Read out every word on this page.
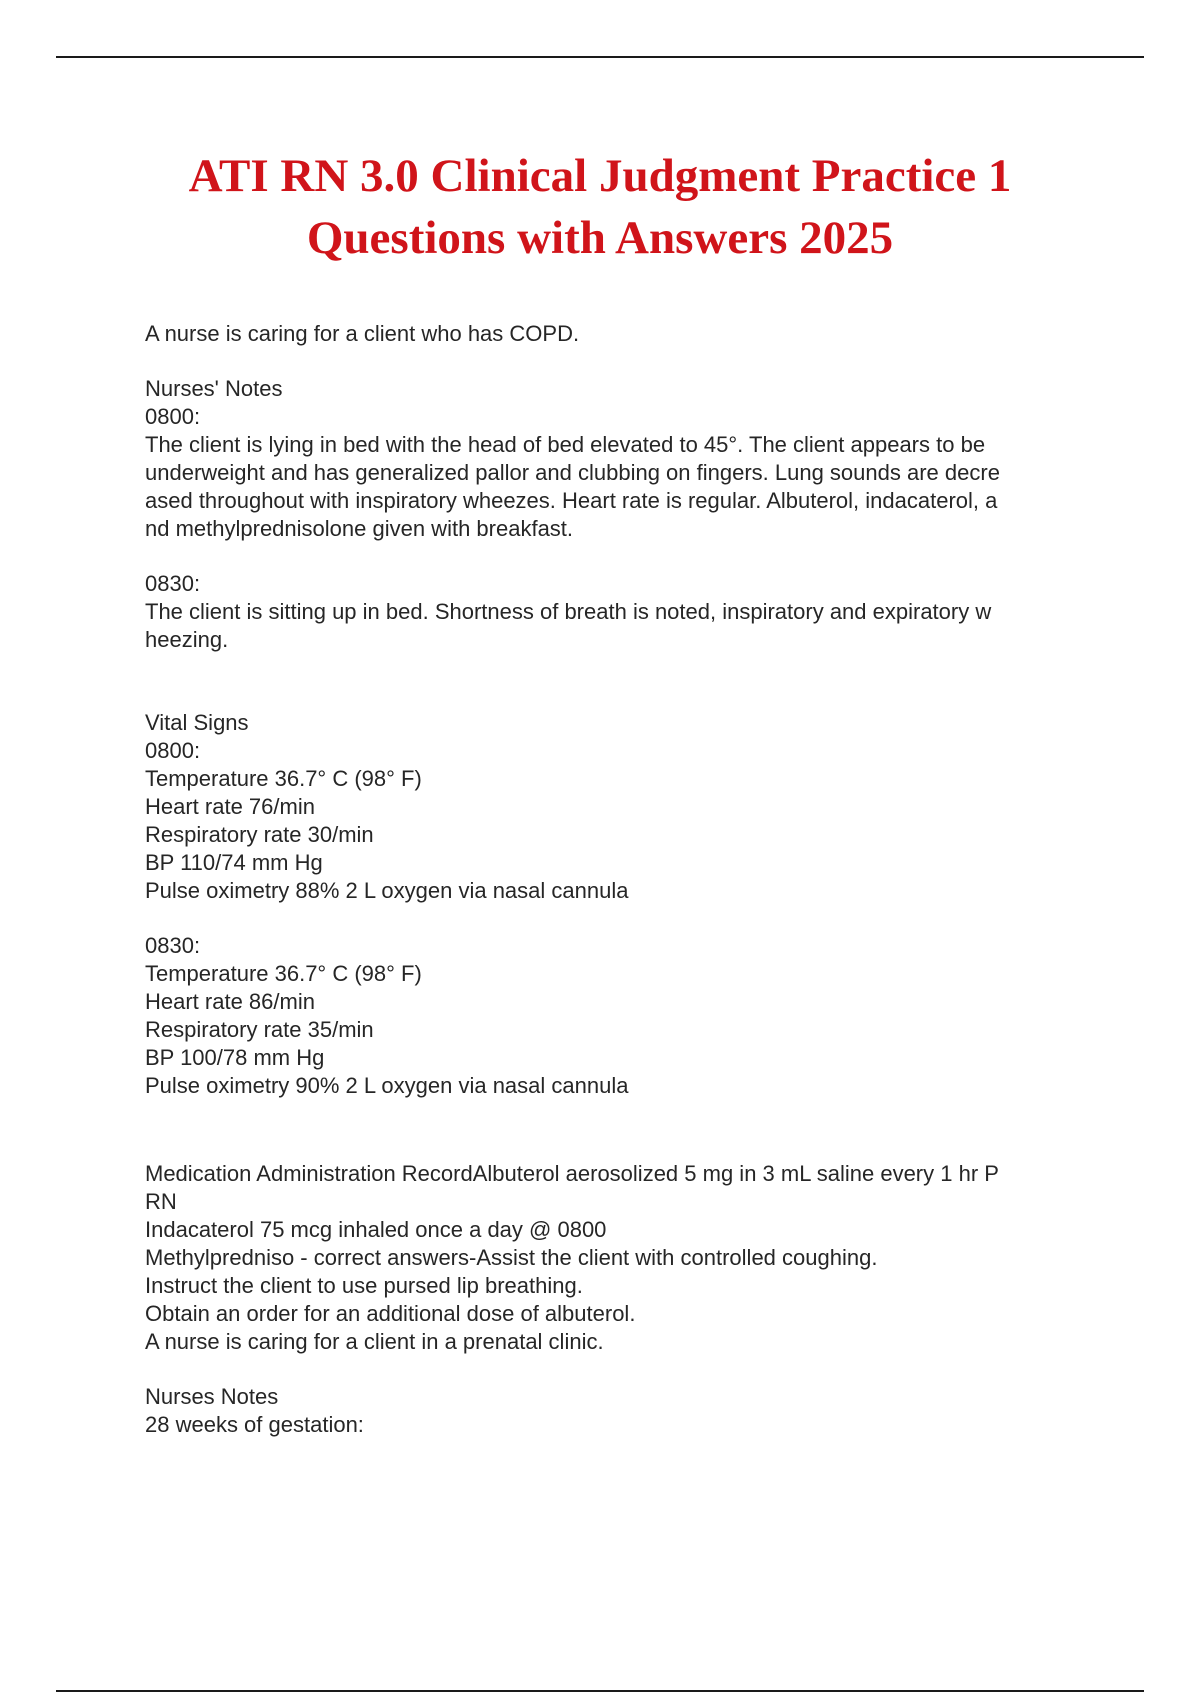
ATI RN 3.0 Clinical Judgment Practice 1
Questions with Answers 2025
A nurse is caring for a client who has COPD.
Nurses' Notes
0800:
The client is lying in bed with the head of bed elevated to 45°. The client appears to be
underweight and has generalized pallor and clubbing on fingers. Lung sounds are decre
ased throughout with inspiratory wheezes. Heart rate is regular. Albuterol, indacaterol, a
nd methylprednisolone given with breakfast.
0830:
The client is sitting up in bed. Shortness of breath is noted, inspiratory and expiratory w
heezing.
Vital Signs
0800:
Temperature 36.7° C (98° F)
Heart rate 76/min
Respiratory rate 30/min
BP 110/74 mm Hg
Pulse oximetry 88% 2 L oxygen via nasal cannula
0830:
Temperature 36.7° C (98° F)
Heart rate 86/min
Respiratory rate 35/min
BP 100/78 mm Hg
Pulse oximetry 90% 2 L oxygen via nasal cannula
Medication Administration RecordAlbuterol aerosolized 5 mg in 3 mL saline every 1 hr P
RN
Indacaterol 75 mcg inhaled once a day @ 0800
Methylpredniso - correct answers-Assist the client with controlled coughing.
Instruct the client to use pursed lip breathing.
Obtain an order for an additional dose of albuterol.
A nurse is caring for a client in a prenatal clinic.
Nurses Notes
28 weeks of gestation:
